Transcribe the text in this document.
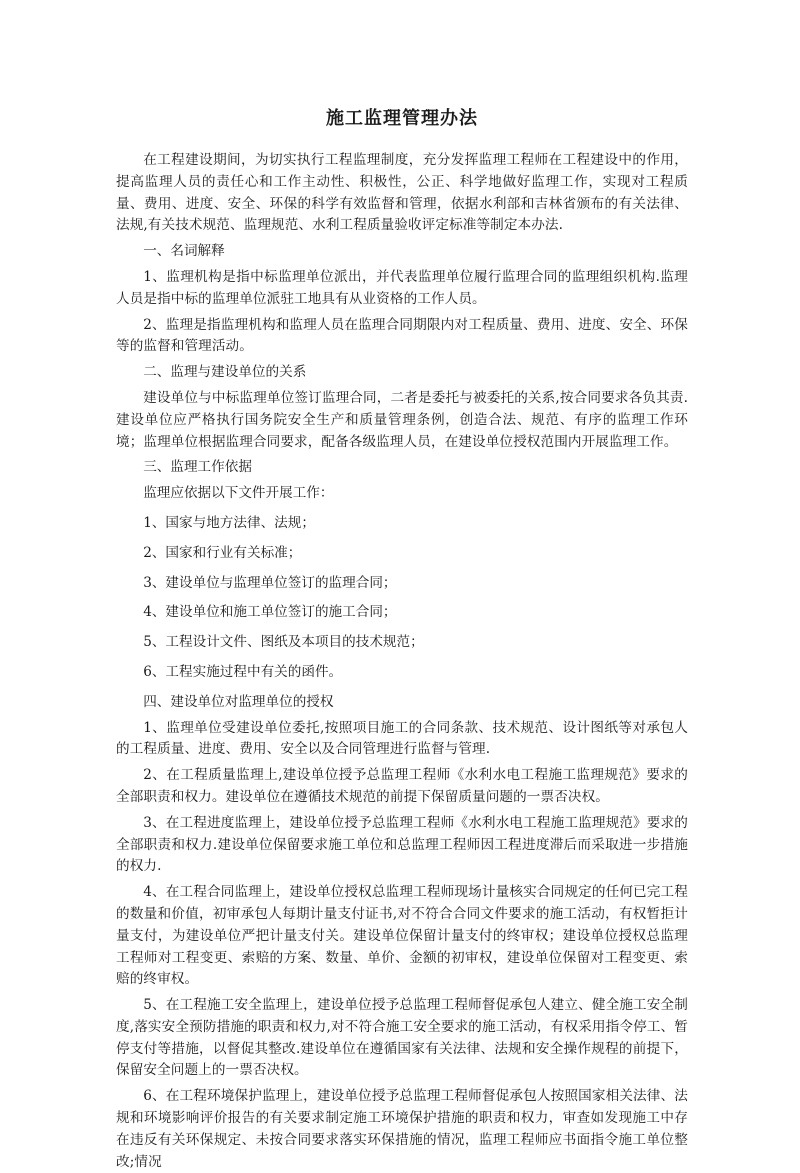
施工监理管理办法

在工程建设期间，为切实执行工程监理制度，充分发挥监理工程师在工程建设中的作用，提高监理人员的责任心和工作主动性、积极性，公正、科学地做好监理工作，实现对工程质量、费用、进度、安全、环保的科学有效监督和管理，依据水利部和吉林省颁布的有关法律、法规,有关技术规范、监理规范、水利工程质量验收评定标准等制定本办法.

一、名词解释

1、监理机构是指中标监理单位派出，并代表监理单位履行监理合同的监理组织机构.监理人员是指中标的监理单位派驻工地具有从业资格的工作人员。

2、监理是指监理机构和监理人员在监理合同期限内对工程质量、费用、进度、安全、环保等的监督和管理活动。

二、监理与建设单位的关系

建设单位与中标监理单位签订监理合同，二者是委托与被委托的关系,按合同要求各负其责.建设单位应严格执行国务院安全生产和质量管理条例，创造合法、规范、有序的监理工作环境；监理单位根据监理合同要求，配备各级监理人员，在建设单位授权范围内开展监理工作。

三、监理工作依据

监理应依据以下文件开展工作：

1、国家与地方法律、法规；

2、国家和行业有关标准；

3、建设单位与监理单位签订的监理合同；

4、建设单位和施工单位签订的施工合同；

5、工程设计文件、图纸及本项目的技术规范；

6、工程实施过程中有关的函件。

四、建设单位对监理单位的授权

1、监理单位受建设单位委托,按照项目施工的合同条款、技术规范、设计图纸等对承包人的工程质量、进度、费用、安全以及合同管理进行监督与管理.

2、在工程质量监理上,建设单位授予总监理工程师《水利水电工程施工监理规范》要求的全部职责和权力。建设单位在遵循技术规范的前提下保留质量问题的一票否决权。

3、在工程进度监理上，建设单位授予总监理工程师《水利水电工程施工监理规范》要求的全部职责和权力.建设单位保留要求施工单位和总监理工程师因工程进度滞后而采取进一步措施的权力.

4、在工程合同监理上，建设单位授权总监理工程师现场计量核实合同规定的任何已完工程的数量和价值，初审承包人每期计量支付证书,对不符合合同文件要求的施工活动，有权暂拒计量支付，为建设单位严把计量支付关。建设单位保留计量支付的终审权；建设单位授权总监理工程师对工程变更、索赔的方案、数量、单价、金额的初审权，建设单位保留对工程变更、索赔的终审权。

5、在工程施工安全监理上，建设单位授予总监理工程师督促承包人建立、健全施工安全制度,落实安全预防措施的职责和权力,对不符合施工安全要求的施工活动，有权采用指令停工、暂停支付等措施，以督促其整改.建设单位在遵循国家有关法律、法规和安全操作规程的前提下，保留安全问题上的一票否决权。

6、在工程环境保护监理上，建设单位授予总监理工程师督促承包人按照国家相关法律、法规和环境影响评价报告的有关要求制定施工环境保护措施的职责和权力，审查如发现施工中存在违反有关环保规定、未按合同要求落实环保措施的情况，监理工程师应书面指令施工单位整改;情况
